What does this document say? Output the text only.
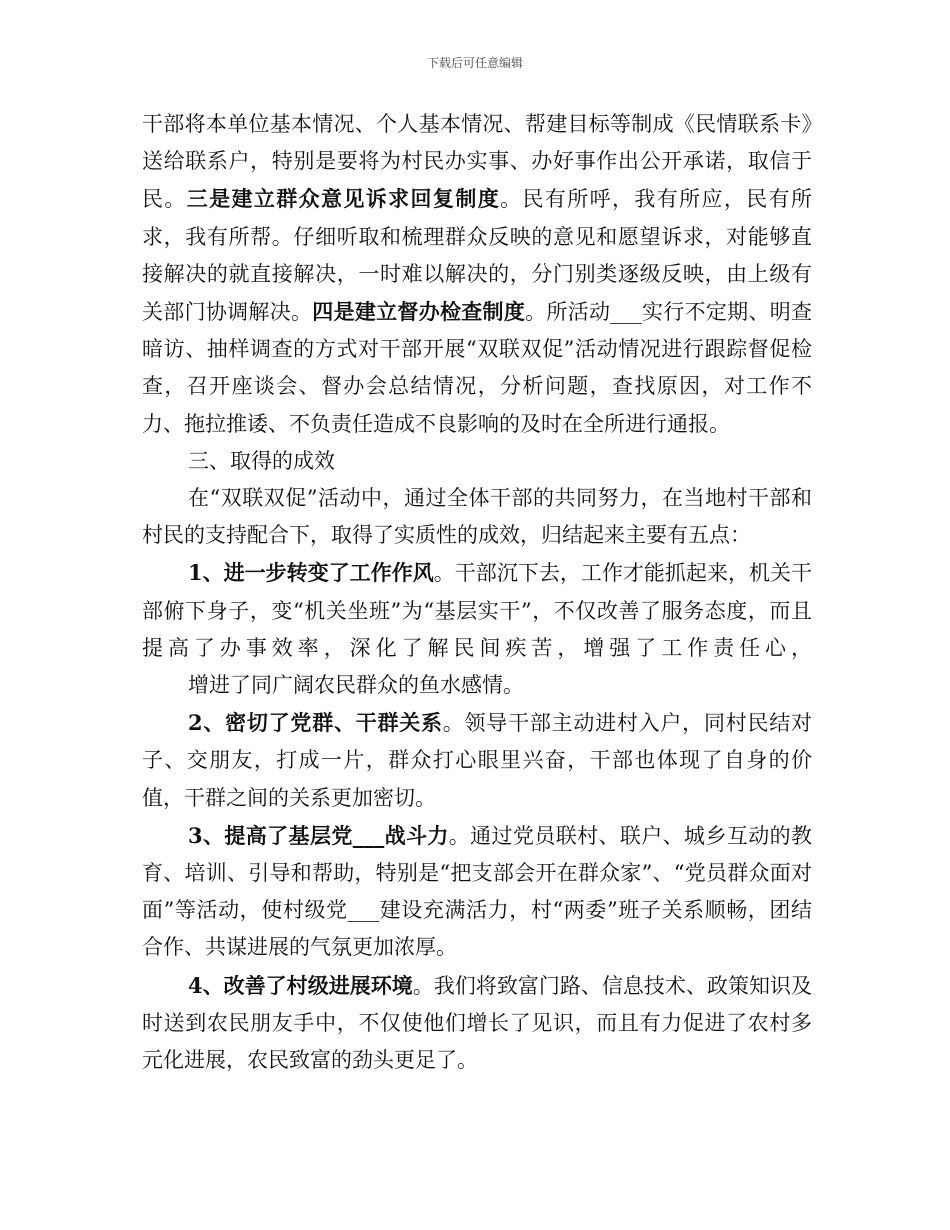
下载后可任意编辑

干部将本单位基本情况、个人基本情况、帮建目标等制成《民情联系卡》送给联系户，特别是要将为村民办实事、办好事作出公开承诺，取信于民。三是建立群众意见诉求回复制度。民有所呼，我有所应，民有所求，我有所帮。仔细听取和梳理群众反映的意见和愿望诉求，对能够直接解决的就直接解决，一时难以解决的，分门别类逐级反映，由上级有关部门协调解决。四是建立督办检查制度。所活动___实行不定期、明查暗访、抽样调查的方式对干部开展“双联双促”活动情况进行跟踪督促检查，召开座谈会、督办会总结情况，分析问题，查找原因，对工作不力、拖拉推诿、不负责任造成不良影响的及时在全所进行通报。

三、取得的成效

在“双联双促”活动中，通过全体干部的共同努力，在当地村干部和村民的支持配合下，取得了实质性的成效，归结起来主要有五点：

1、进一步转变了工作作风。干部沉下去，工作才能抓起来，机关干部俯下身子，变“机关坐班”为“基层实干”，不仅改善了服务态度，而且提高了办事效率，深化了解民间疾苦，增强了工作责任心，

增进了同广阔农民群众的鱼水感情。

2、密切了党群、干群关系。领导干部主动进村入户，同村民结对子、交朋友，打成一片，群众打心眼里兴奋，干部也体现了自身的价值，干群之间的关系更加密切。

3、提高了基层党___战斗力。通过党员联村、联户、城乡互动的教育、培训、引导和帮助，特别是“把支部会开在群众家”、“党员群众面对面”等活动，使村级党___建设充满活力，村“两委”班子关系顺畅，团结合作、共谋进展的气氛更加浓厚。

4、改善了村级进展环境。我们将致富门路、信息技术、政策知识及时送到农民朋友手中，不仅使他们增长了见识，而且有力促进了农村多元化进展，农民致富的劲头更足了。
